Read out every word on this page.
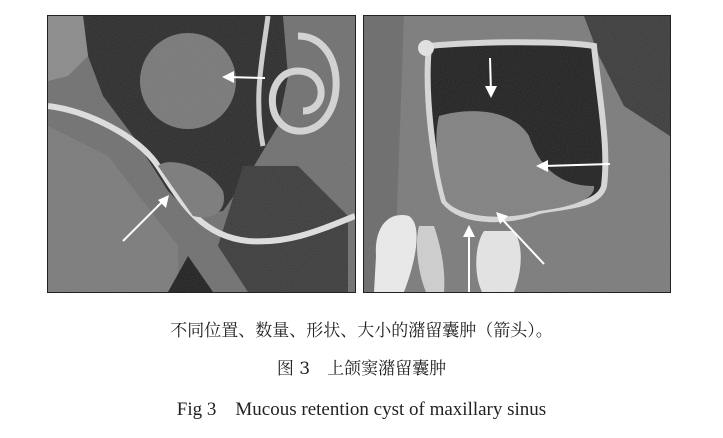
不同位置、数量、形状、大小的潴留囊肿（箭头）。
图 3　上颌窦潴留囊肿
Fig 3　Mucous retention cyst of maxillary sinus
